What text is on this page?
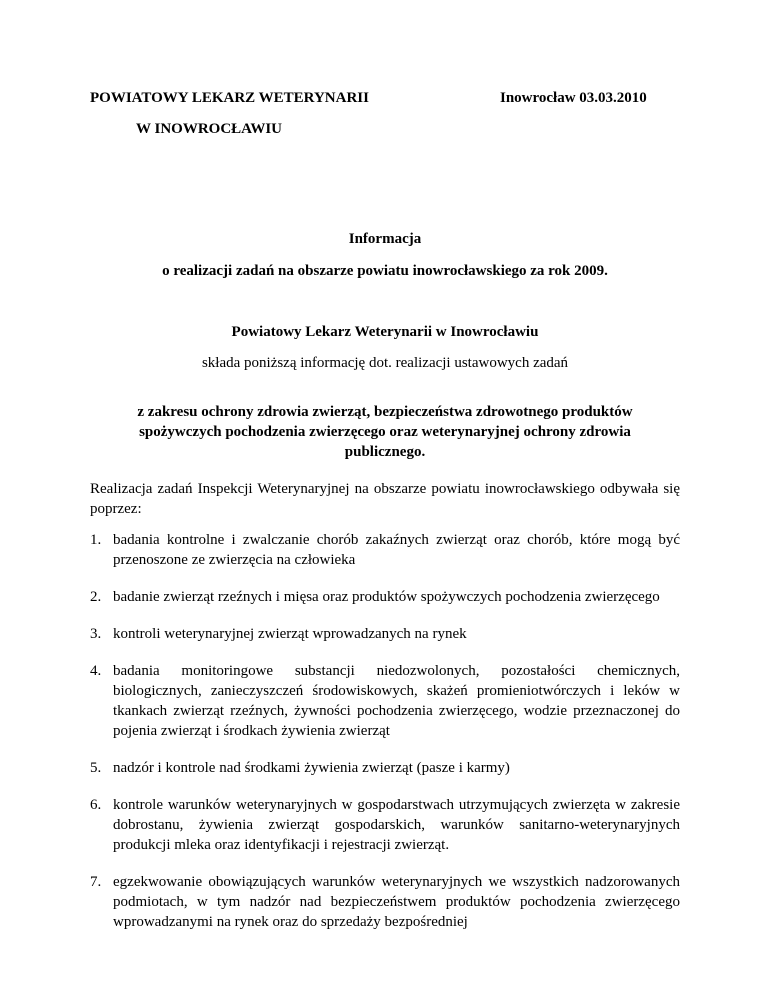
POWIATOWY LEKARZ WETERYNARII	Inowrocław 03.03.2010
W INOWROCŁAWIU
Informacja
o realizacji zadań na obszarze powiatu inowrocławskiego za rok 2009.
Powiatowy Lekarz Weterynarii w Inowrocławiu
składa poniższą informację dot. realizacji ustawowych zadań
z zakresu ochrony zdrowia zwierząt, bezpieczeństwa zdrowotnego produktów
spożywczych pochodzenia zwierzęcego oraz weterynaryjnej ochrony zdrowia
publicznego.
Realizacja zadań Inspekcji Weterynaryjnej na obszarze powiatu inowrocławskiego odbywała się poprzez:
1. badania kontrolne i zwalczanie chorób zakaźnych zwierząt oraz chorób, które mogą być przenoszone ze zwierzęcia na człowieka
2. badanie zwierząt rzeźnych i mięsa oraz produktów spożywczych pochodzenia zwierzęcego
3. kontroli weterynaryjnej zwierząt wprowadzanych na rynek
4. badania monitoringowe substancji niedozwolonych, pozostałości chemicznych, biologicznych, zanieczyszczeń środowiskowych, skażeń promieniotwórczych i leków w tkankach zwierząt rzeźnych, żywności pochodzenia zwierzęcego, wodzie przeznaczonej do pojenia zwierząt i środkach żywienia zwierząt
5. nadzór i kontrole nad środkami żywienia zwierząt (pasze i karmy)
6. kontrole warunków weterynaryjnych w gospodarstwach utrzymujących zwierzęta w zakresie dobrostanu, żywienia zwierząt gospodarskich, warunków sanitarno-weterynaryjnych produkcji mleka oraz identyfikacji i rejestracji zwierząt.
7. egzekwowanie obowiązujących warunków weterynaryjnych we wszystkich nadzorowanych podmiotach, w tym nadzór nad bezpieczeństwem produktów pochodzenia zwierzęcego wprowadzanymi na rynek oraz do sprzedaży bezpośredniej
